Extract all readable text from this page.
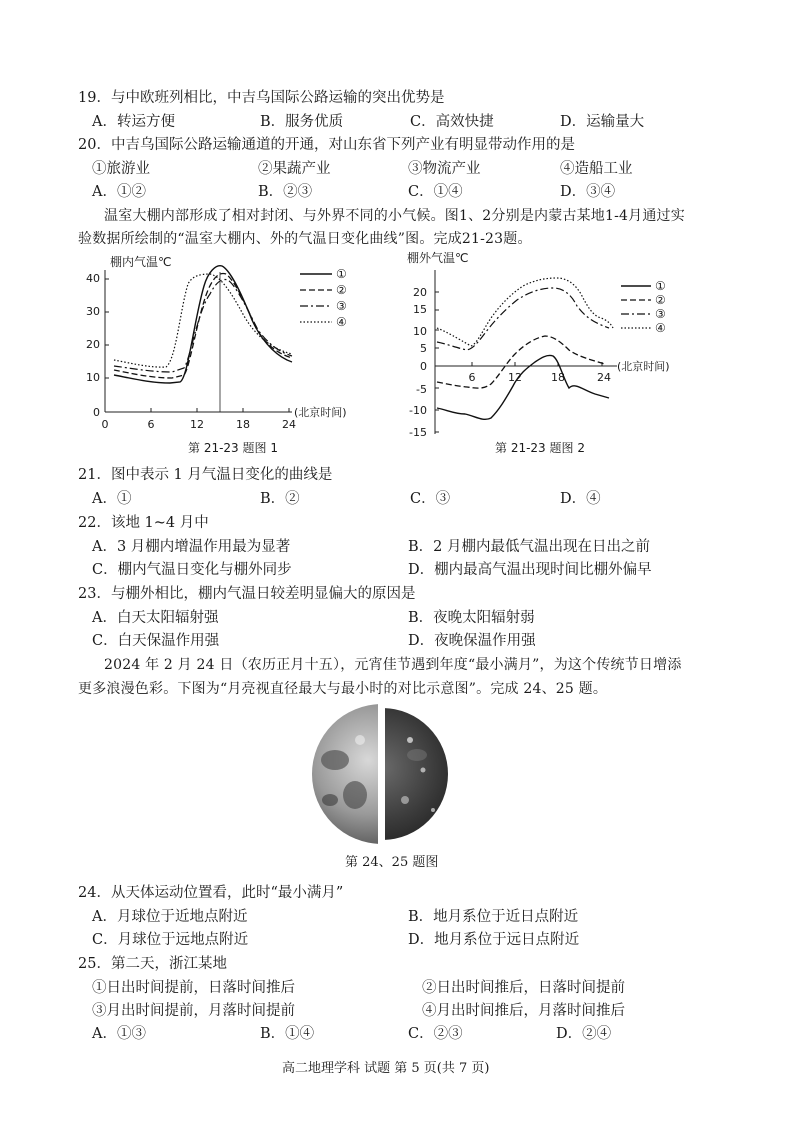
19．与中欧班列相比，中吉乌国际公路运输的突出优势是
A．转运方便	B．服务优质	C．高效快捷	D．运输量大
20．中吉乌国际公路运输通道的开通，对山东省下列产业有明显带动作用的是
①旅游业	②果蔬产业	③物流产业	④造船工业
A．①②	B．②③	C．①④	D．③④
温室大棚内部形成了相对封闭、与外界不同的小气候。图1、2分别是内蒙古某地1-4月通过实
验数据所绘制的“温室大棚内、外的气温日变化曲线”图。完成21-23题。
棚内气温℃
40
30
20
10
0
0	6	12	18	24
(北京时间)
①
②
③
④
第 21-23 题图 1
棚外气温℃
20
15
10
5
0
-5
-10
-15
6	12	18	24
(北京时间)
①
②
③
④
第 21-23 题图 2
21．图中表示 1 月气温日变化的曲线是
A．①	B．②	C．③	D．④
22．该地 1~4 月中
A．3 月棚内增温作用最为显著	B．2 月棚内最低气温出现在日出之前
C．棚内气温日变化与棚外同步	D．棚内最高气温出现时间比棚外偏早
23．与棚外相比，棚内气温日较差明显偏大的原因是
A．白天太阳辐射强	B．夜晚太阳辐射弱
C．白天保温作用强	D．夜晚保温作用强
2024 年 2 月 24 日（农历正月十五），元宵佳节遇到年度“最小满月”，为这个传统节日增添
更多浪漫色彩。下图为“月亮视直径最大与最小时的对比示意图”。完成 24、25 题。
第 24、25 题图
24．从天体运动位置看，此时“最小满月”
A．月球位于近地点附近	B．地月系位于近日点附近
C．月球位于远地点附近	D．地月系位于远日点附近
25．第二天，浙江某地
①日出时间提前，日落时间推后	②日出时间推后，日落时间提前
③月出时间提前，月落时间提前	④月出时间推后，月落时间推后
A．①③	B．①④	C．②③	D．②④
高二地理学科 试题 第 5 页(共 7 页)
